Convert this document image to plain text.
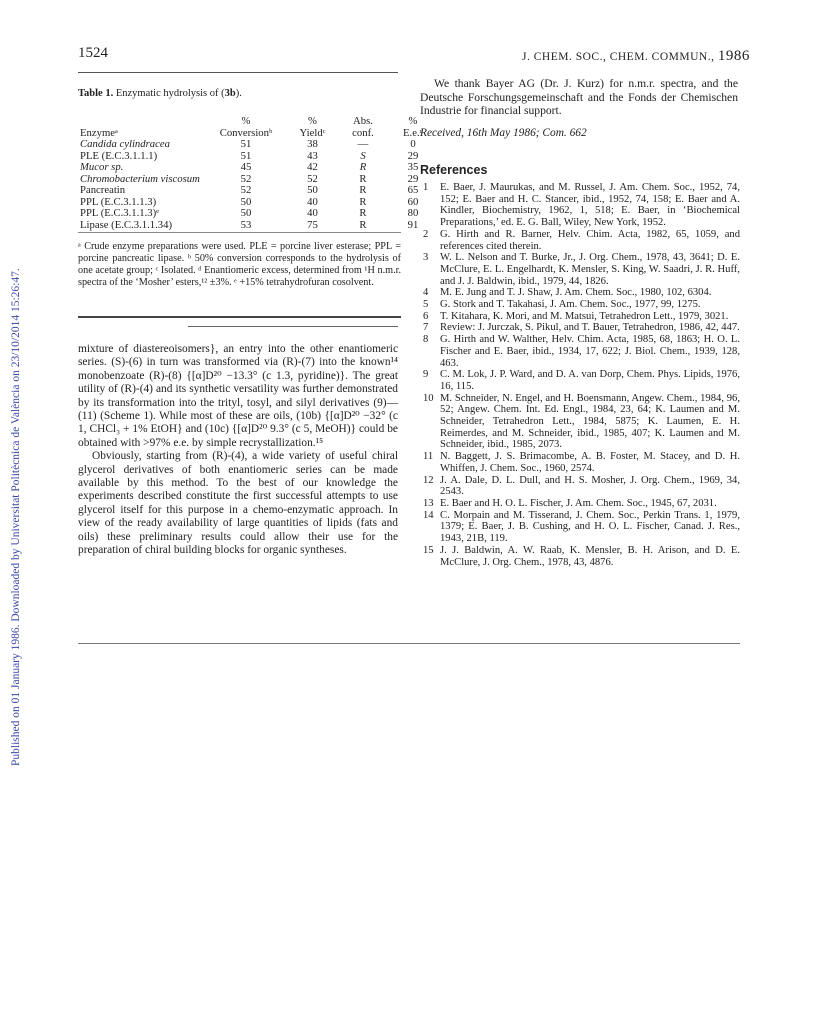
Published on 01 January 1986. Downloaded by Universitat Politècnica de València on 23/10/2014 15:26:47.
1524	J. CHEM. SOC., CHEM. COMMUN., 1986
Table 1. Enzymatic hydrolysis of (3b).
	%	%	Abs.	%
Enzymeᵃ	Conversionᵇ	Yieldᶜ	conf.	E.e.ᵈ
Candida cylindracea	51	38	—	0
PLE (E.C.3.1.1.1)	51	43	S	29
Mucor sp.	45	42	R	35
Chromobacterium viscosum	52	52	R	29
Pancreatin	52	50	R	65
PPL (E.C.3.1.1.3)	50	40	R	60
PPL (E.C.3.1.1.3)ᵉ	50	40	R	80
Lipase (E.C.3.1.1.34)	53	75	R	91
ᵃ Crude enzyme preparations were used. PLE = porcine liver esterase; PPL = porcine pancreatic lipase. ᵇ 50% conversion corresponds to the hydrolysis of one acetate group; ᶜ Isolated. ᵈ Enantiomeric excess, determined from ¹H n.m.r. spectra of the ‘Mosher’ esters,¹² ±3%. ᵉ +15% tetrahydrofuran cosolvent.

mixture of diastereoisomers}, an entry into the other enantiomeric series. (S)-(6) in turn was transformed via (R)-(7) into the known¹⁴ monobenzoate (R)-(8) {[α]D²⁰ −13.3° (c 1.3, pyridine)}. The great utility of (R)-(4) and its synthetic versatility was further demonstrated by its transformation into the trityl, tosyl, and silyl derivatives (9)—(11) (Scheme 1). While most of these are oils, (10b) {[α]D²⁰ −32° (c 1, CHCl₃ + 1% EtOH} and (10c) {[α]D²⁰ 9.3° (c 5, MeOH)} could be obtained with >97% e.e. by simple recrystallization.¹⁵

Obviously, starting from (R)-(4), a wide variety of useful chiral glycerol derivatives of both enantiomeric series can be made available by this method. To the best of our knowledge the experiments described constitute the first successful attempts to use glycerol itself for this purpose in a chemo-enzymatic approach. In view of the ready availability of large quantities of lipids (fats and oils) these preliminary results could allow their use for the preparation of chiral building blocks for organic syntheses.

We thank Bayer AG (Dr. J. Kurz) for n.m.r. spectra, and the Deutsche Forschungsgemeinschaft and the Fonds der Chemischen Industrie for financial support.
Received, 16th May 1986; Com. 662
References
1	E. Baer, J. Maurukas, and M. Russel, J. Am. Chem. Soc., 1952, 74, 152; E. Baer and H. C. Stancer, ibid., 1952, 74, 158; E. Baer and A. Kindler, Biochemistry, 1962, 1, 518; E. Baer, in ‘Biochemical Preparations,’ ed. E. G. Ball, Wiley, New York, 1952.
2	G. Hirth and R. Barner, Helv. Chim. Acta, 1982, 65, 1059, and references cited therein.
3	W. L. Nelson and T. Burke, Jr., J. Org. Chem., 1978, 43, 3641; D. E. McClure, E. L. Engelhardt, K. Mensler, S. King, W. Saadri, J. R. Huff, and J. J. Baldwin, ibid., 1979, 44, 1826.
4	M. E. Jung and T. J. Shaw, J. Am. Chem. Soc., 1980, 102, 6304.
5	G. Stork and T. Takahasi, J. Am. Chem. Soc., 1977, 99, 1275.
6	T. Kitahara, K. Mori, and M. Matsui, Tetrahedron Lett., 1979, 3021.
7	Review: J. Jurczak, S. Pikul, and T. Bauer, Tetrahedron, 1986, 42, 447.
8	G. Hirth and W. Walther, Helv. Chim. Acta, 1985, 68, 1863; H. O. L. Fischer and E. Baer, ibid., 1934, 17, 622; J. Biol. Chem., 1939, 128, 463.
9	C. M. Lok, J. P. Ward, and D. A. van Dorp, Chem. Phys. Lipids, 1976, 16, 115.
10 M. Schneider, N. Engel, and H. Boensmann, Angew. Chem., 1984, 96, 52; Angew. Chem. Int. Ed. Engl., 1984, 23, 64; K. Laumen and M. Schneider, Tetrahedron Lett., 1984, 5875; K. Laumen, E. H. Reimerdes, and M. Schneider, ibid., 1985, 407; K. Laumen and M. Schneider, ibid., 1985, 2073.
11 N. Baggett, J. S. Brimacombe, A. B. Foster, M. Stacey, and D. H. Whiffen, J. Chem. Soc., 1960, 2574.
12 J. A. Dale, D. L. Dull, and H. S. Mosher, J. Org. Chem., 1969, 34, 2543.
13 E. Baer and H. O. L. Fischer, J. Am. Chem. Soc., 1945, 67, 2031.
14 C. Morpain and M. Tisserand, J. Chem. Soc., Perkin Trans. 1, 1979, 1379; E. Baer, J. B. Cushing, and H. O. L. Fischer, Canad. J. Res., 1943, 21B, 119.
15 J. J. Baldwin, A. W. Raab, K. Mensler, B. H. Arison, and D. E. McClure, J. Org. Chem., 1978, 43, 4876.
